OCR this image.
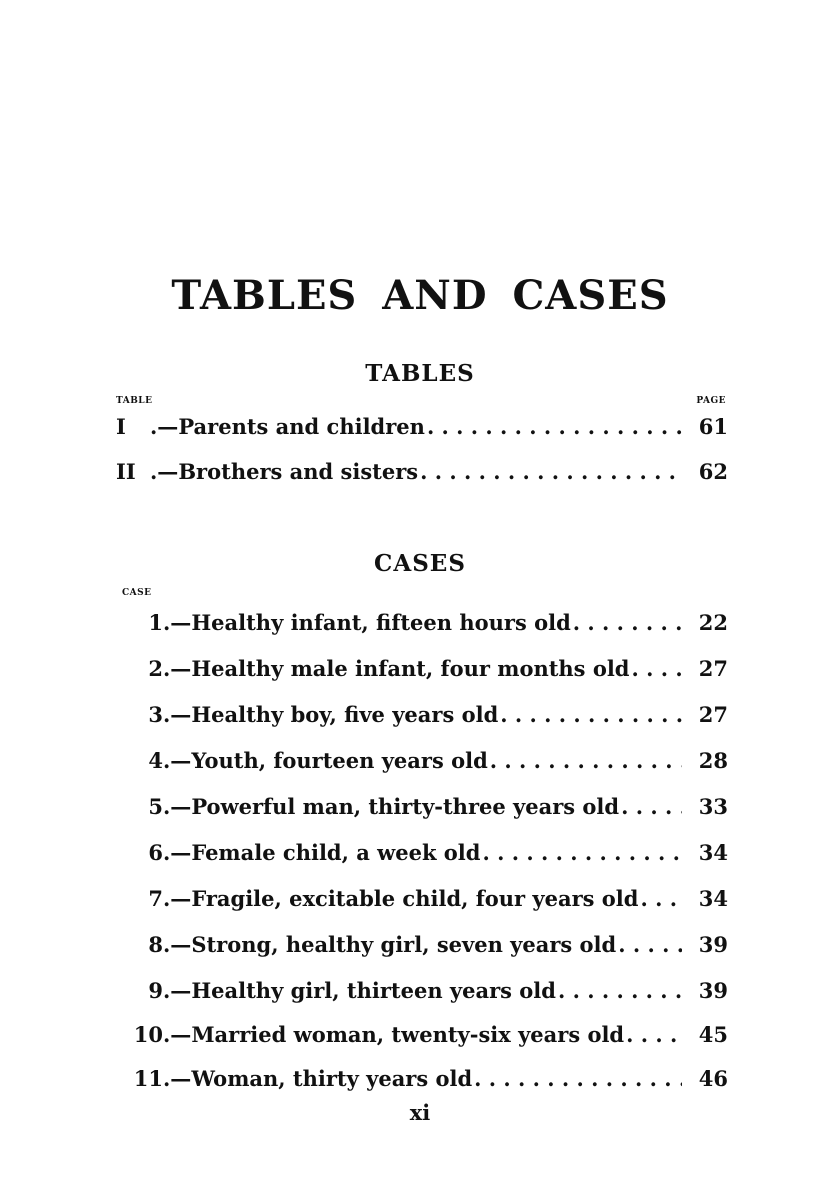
TABLES AND CASES
TABLES
TABLE	PAGE
I	.— Parents and children . . .	61
II .— Brothers and sisters . . .	62
CASES
CASE
1 .— Healthy infant, fifteen hours old . . .	22
2 .— Healthy male infant, four months old . . .	27
3 .— Healthy boy, five years old . . .	27
4 .— Youth, fourteen years old . . .	28
5 .— Powerful man, thirty-three years old . . .	33
6 .— Female child, a week old . . .	34
7 .— Fragile, excitable child, four years old . . .	34
8 .— Strong, healthy girl, seven years old . . .	39
9 .— Healthy girl, thirteen years old . . .	39
10 .— Married woman, twenty-six years old . . .	45
11 .— Woman, thirty years old . . .	46
xi
